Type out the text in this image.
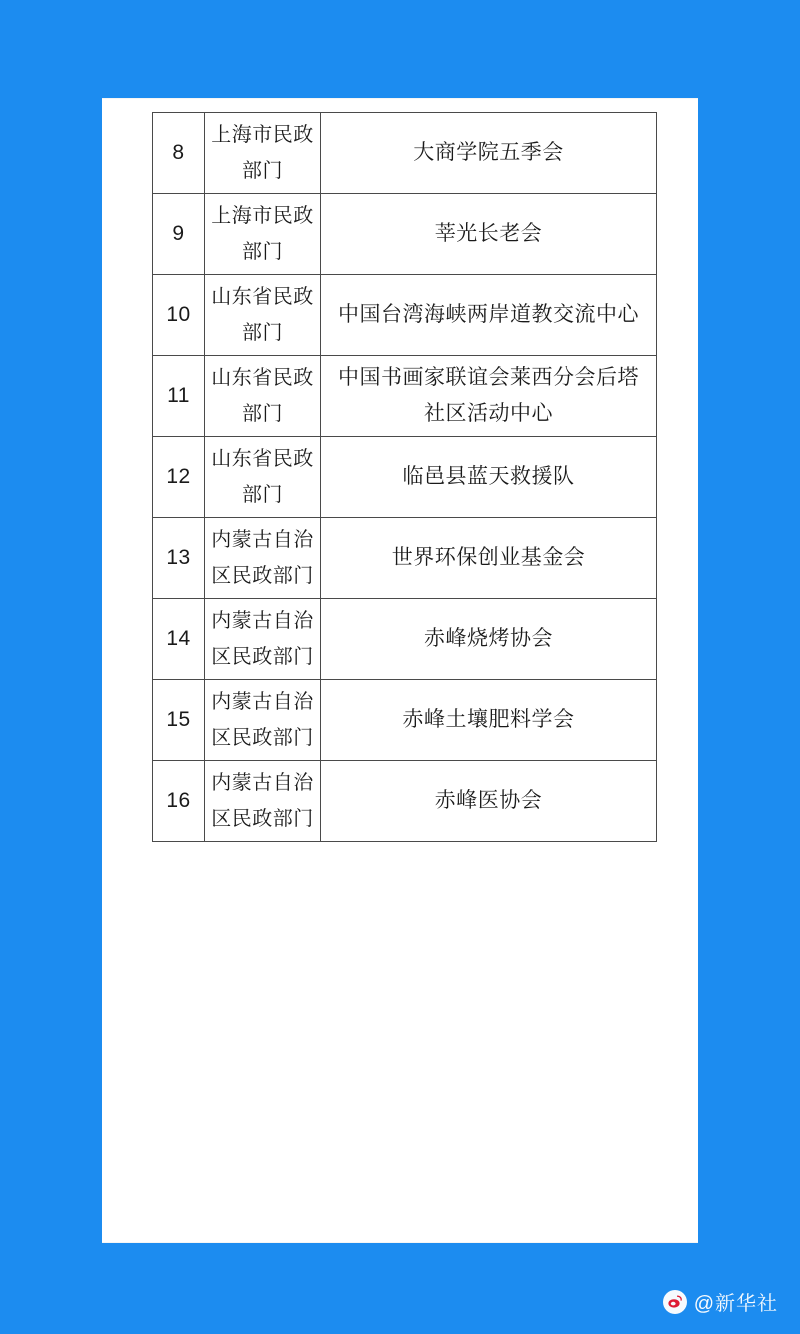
8	上海市民政部门	大商学院五季会
9	上海市民政部门	莘光长老会
10	山东省民政部门	中国台湾海峡两岸道教交流中心
11	山东省民政部门	中国书画家联谊会莱西分会后塔社区活动中心
12	山东省民政部门	临邑县蓝天救援队
13	内蒙古自治区民政部门	世界环保创业基金会
14	内蒙古自治区民政部门	赤峰烧烤协会
15	内蒙古自治区民政部门	赤峰土壤肥料学会
16	内蒙古自治区民政部门	赤峰医协会
@新华社
